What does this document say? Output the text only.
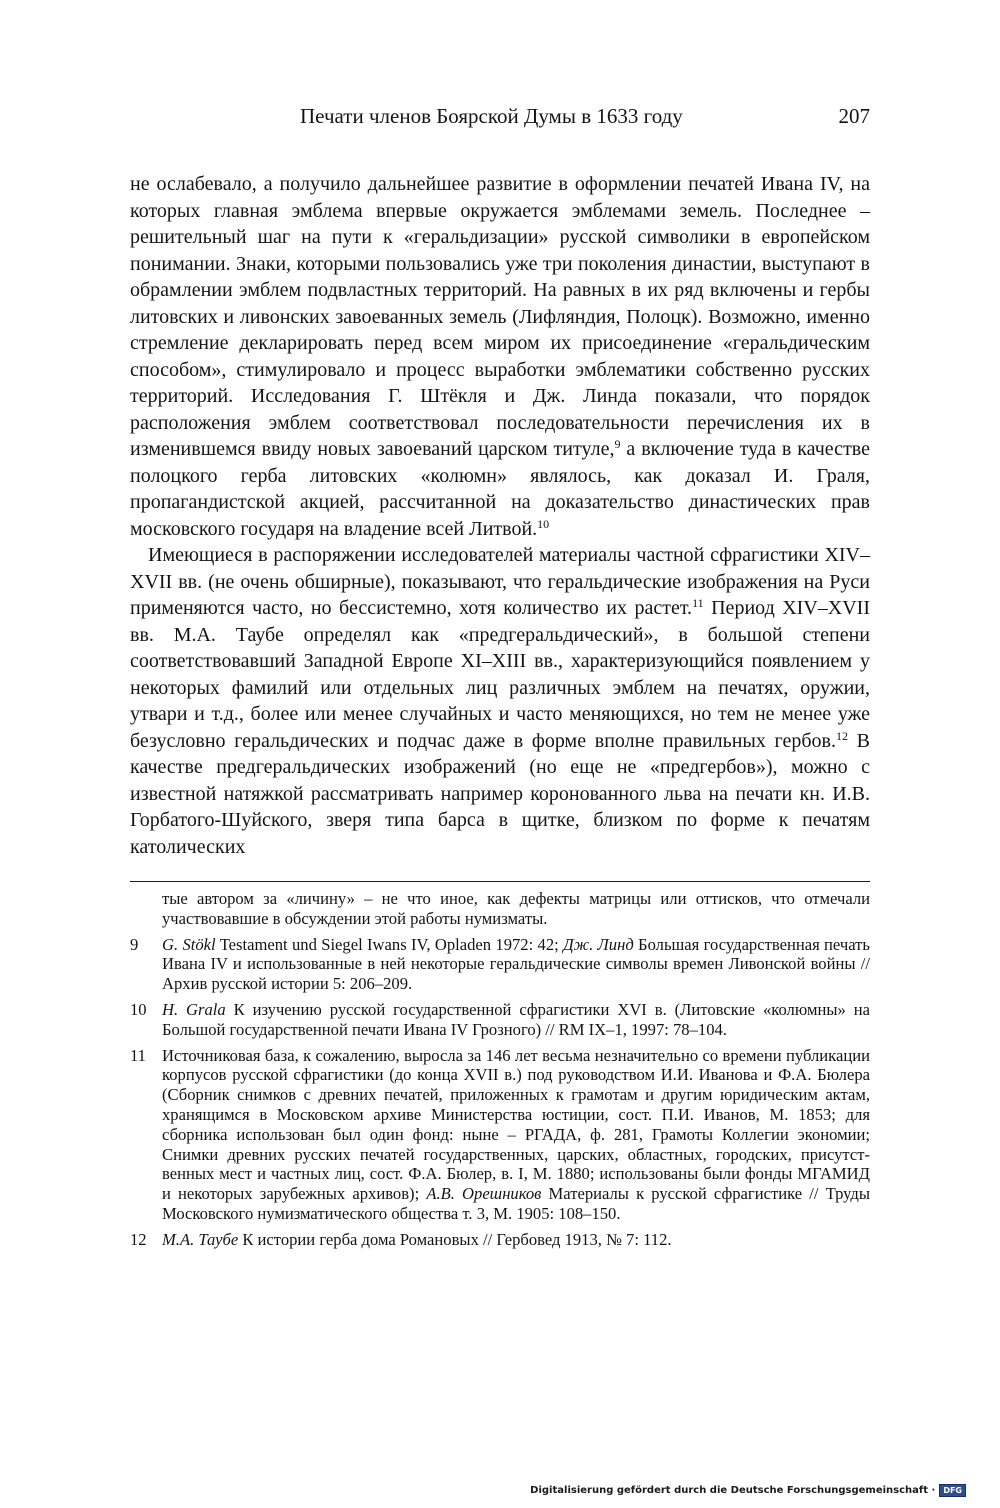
Печати членов Боярской Думы в 1633 году	207

не ослабевало, а получило дальнейшее развитие в оформлении печатей Ивана IV, на которых главная эмблема впервые окружается эмблемами земель. Последнее – решительный шаг на пути к «геральдизации» русской символики в европейском понимании. Знаки, которыми пользовались уже три поколения династии, выступают в обрамлении эмблем подвластных территорий. На равных в их ряд включены и гербы литовских и ливонских завоеванных земель (Лифляндия, Полоцк). Возможно, именно стремление декларировать перед всем миром их присоединение «геральдическим способом», стимулировало и процесс выработки эмблематики собственно русских территорий. Исследования Г. Штёкля и Дж. Линда показали, что порядок расположения эмблем соответствовал последовательности перечисления их в изменившемся ввиду новых завоеваний царском титуле,$^9$ а включение туда в качестве полоцкого герба литовских «колюмн» являлось, как доказал И. Граля, пропагандистской акцией, рассчитанной на доказательство династических прав московского государя на владение всей Литвой.$^{10}$

Имеющиеся в распоряжении исследователей материалы частной сфрагистики XIV–XVII вв. (не очень обширные), показывают, что геральдические изображения на Руси применяются часто, но бессистемно, хотя количество их растет.$^{11}$ Период XIV–XVII вв. М.А. Таубе определял как «предгеральдический», в большой степени соответствовавший Западной Европе XI–XIII вв., характеризующийся появлением у некоторых фамилий или отдельных лиц различных эмблем на печатях, оружии, утвари и т.д., более или менее случайных и часто меняющихся, но тем не менее уже безусловно геральдических и подчас даже в форме вполне правильных гербов.$^{12}$ В качестве предгеральдических изображений (но еще не «предгербов»), можно с известной натяжкой рассматривать например коронованного льва на печати кн. И.В. Горбатого-Шуйского, зверя типа барса в щитке, близком по форме к печатям католических

тые автором за «личину» – не что иное, как дефекты матрицы или оттисков, что отмечали участвовавшие в обсуждении этой работы нумизматы.
9 G. Stökl Testament und Siegel Iwans IV, Opladen 1972: 42; Дж. Линд Большая государственная печать Ивана IV и использованные в ней некоторые геральдические символы времен Ливонской войны // Архив русской истории 5: 206–209.
10 H. Grala К изучению русской государственной сфрагистики XVI в. (Литовские «колюмны» на Большой государственной печати Ивана IV Грозного) // RM IX–1, 1997: 78–104.
11 Источниковая база, к сожалению, выросла за 146 лет весьма незначительно со времени публикации корпусов русской сфрагистики (до конца XVII в.) под руководством И.И. Иванова и Ф.А. Бюлера (Сборник снимков с древних печатей, приложенных к грамотам и другим юридическим актам, хранящимся в Московском архиве Министерства юстиции, сост. П.И. Иванов, М. 1853; для сборника использован был один фонд: ныне – РГАДА, ф. 281, Грамоты Коллегии экономии; Снимки древних русских печатей государственных, царских, областных, городских, присутственных мест и частных лиц, сост. Ф.А. Бюлер, в. I, М. 1880; использованы были фонды МГАМИД и некоторых зарубежных архивов); А.В. Орешников Материалы к русской сфрагистике // Труды Московского нумизматического общества т. 3, М. 1905: 108–150.
12 М.А. Таубе К истории герба дома Романовых // Гербовед 1913, № 7: 112.
Digitalisierung gefördert durch die Deutsche Forschungsgemeinschaft ·	DFG
